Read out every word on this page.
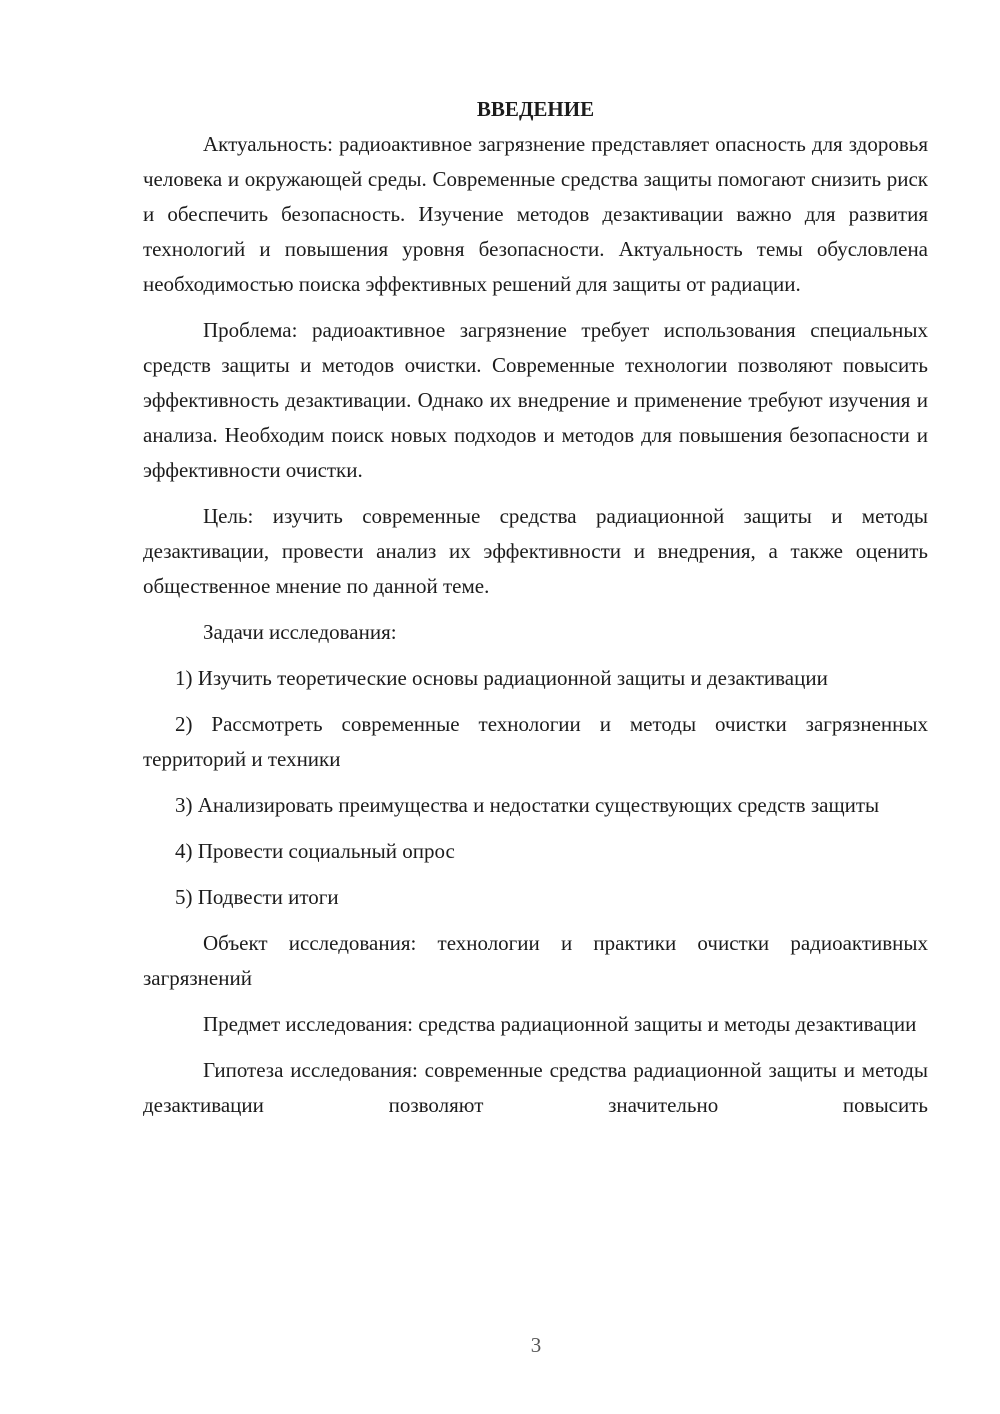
ВВЕДЕНИЕ

Актуальность: радиоактивное загрязнение представляет опасность для здоровья человека и окружающей среды. Современные средства защиты помогают снизить риск и обеспечить безопасность. Изучение методов дезактивации важно для развития технологий и повышения уровня безопасности. Актуальность темы обусловлена необходимостью поиска эффективных решений для защиты от радиации.

Проблема: радиоактивное загрязнение требует использования специальных средств защиты и методов очистки. Современные технологии позволяют повысить эффективность дезактивации. Однако их внедрение и применение требуют изучения и анализа. Необходим поиск новых подходов и методов для повышения безопасности и эффективности очистки.

Цель: изучить современные средства радиационной защиты и методы дезактивации, провести анализ их эффективности и внедрения, а также оценить общественное мнение по данной теме.

Задачи исследования:

1) Изучить теоретические основы радиационной защиты и дезактивации

2) Рассмотреть современные технологии и методы очистки загрязненных территорий и техники

3) Анализировать преимущества и недостатки существующих средств защиты

4) Провести социальный опрос

5) Подвести итоги

Объект исследования: технологии и практики очистки радиоактивных загрязнений

Предмет исследования: средства радиационной защиты и методы дезактивации

Гипотеза исследования: современные средства радиационной защиты и методы дезактивации позволяют значительно повысить

3
